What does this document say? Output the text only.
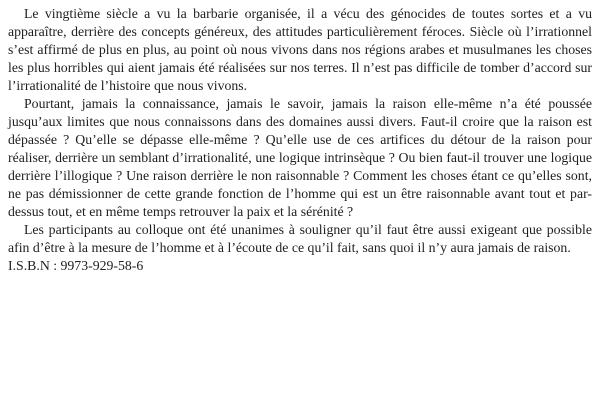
Le vingtième siècle a vu la barbarie organisée, il a vécu des génocides de toutes sortes et a vu apparaître, derrière des concepts généreux, des attitudes particulièrement féroces. Siècle où l’irrationnel s’est affirmé de plus en plus, au point où nous vivons dans nos régions arabes et musulmanes les choses les plus horribles qui aient jamais été réalisées sur nos terres. Il n’est pas difficile de tomber d’accord sur l’irrationalité de l’histoire que nous vivons.

Pourtant, jamais la connaissance, jamais le savoir, jamais la raison elle-même n’a été poussée jusqu’aux limites que nous connaissons dans des domaines aussi divers. Faut-il croire que la raison est dépassée ? Qu’elle se dépasse elle-même ? Qu’elle use de ces artifices du détour de la raison pour réaliser, derrière un semblant d’irrationalité, une logique intrinsèque ? Ou bien faut-il trouver une logique derrière l’illogique ? Une raison derrière le non raisonnable ? Comment les choses étant ce qu’elles sont, ne pas démissionner de cette grande fonction de l’homme qui est un être raisonnable avant tout et par-dessus tout, et en même temps retrouver la paix et la sérénité ?

Les participants au colloque ont été unanimes à souligner qu’il faut être aussi exigeant que possible afin d’être à la mesure de l’homme et à l’écoute de ce qu’il fait, sans quoi il n’y aura jamais de raison.

I.S.B.N : 9973-929-58-6
